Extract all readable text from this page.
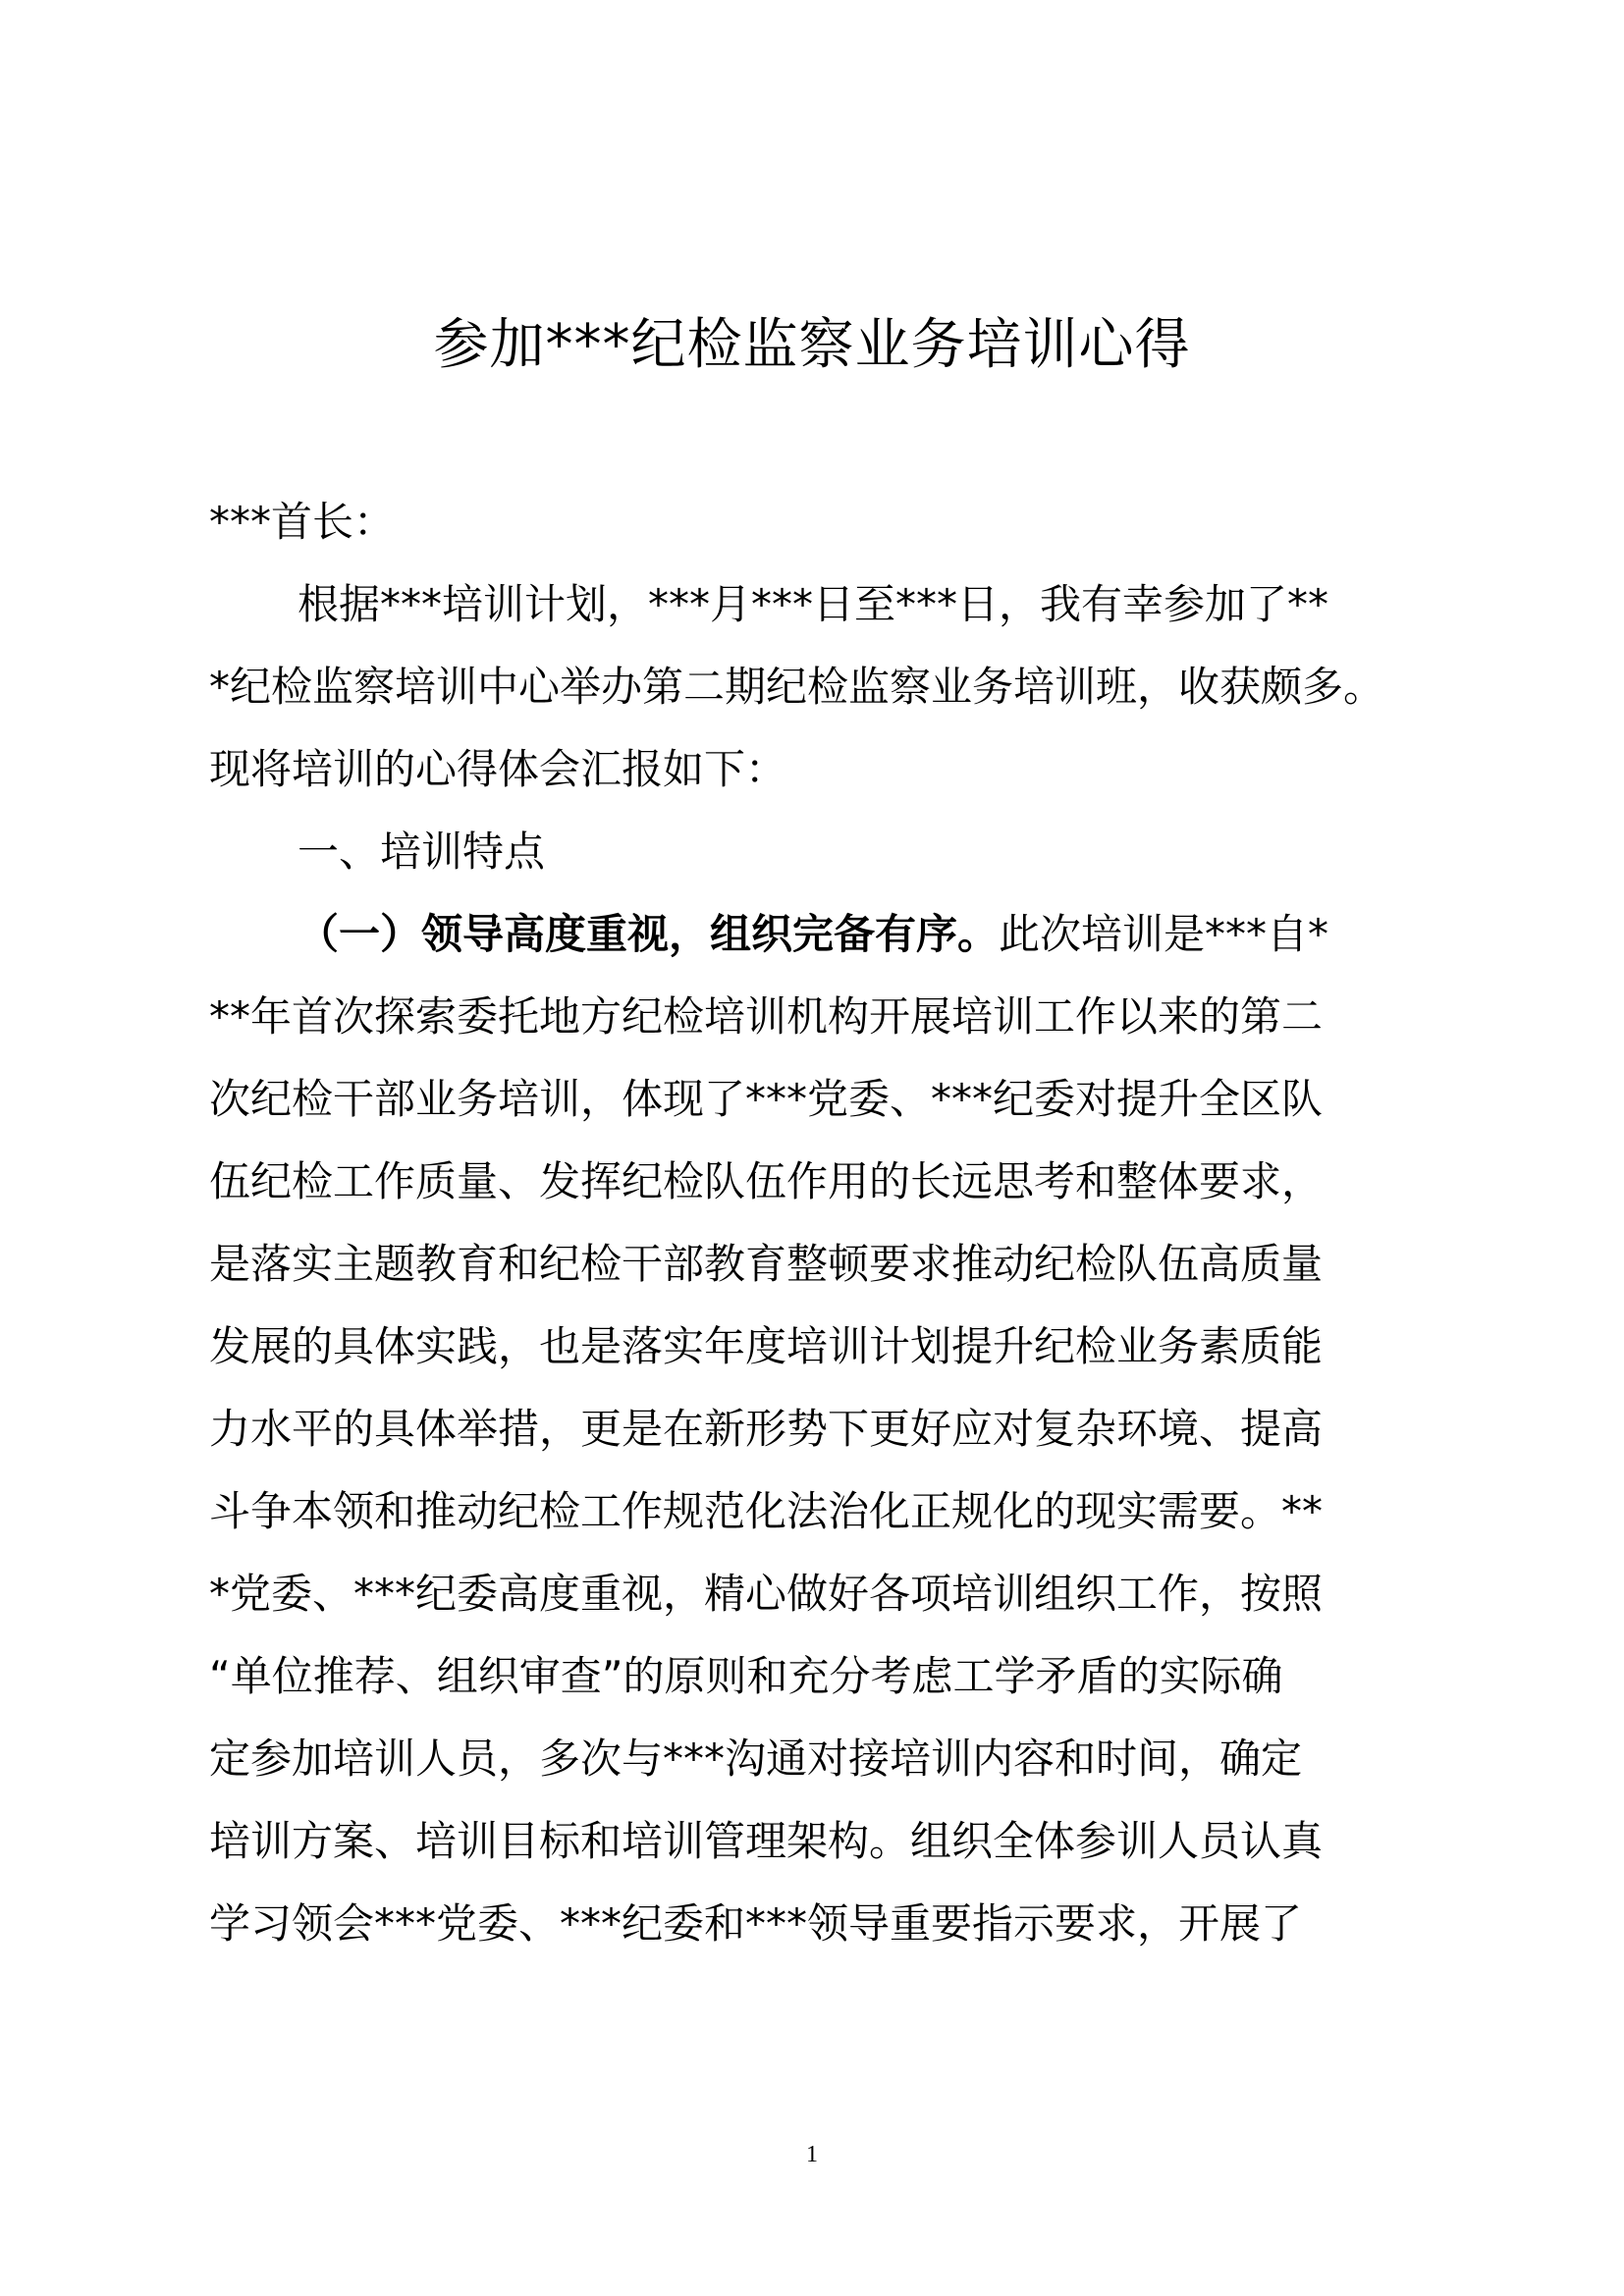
参加***纪检监察业务培训心得
***首长：
根据***培训计划，***月***日至***日，我有幸参加了**
*纪检监察培训中心举办第二期纪检监察业务培训班，收获颇多。
现将培训的心得体会汇报如下：
一、培训特点
（一）领导高度重视，组织完备有序。此次培训是***自*
**年首次探索委托地方纪检培训机构开展培训工作以来的第二
次纪检干部业务培训，体现了***党委、***纪委对提升全区队
伍纪检工作质量、发挥纪检队伍作用的长远思考和整体要求，
是落实主题教育和纪检干部教育整顿要求推动纪检队伍高质量
发展的具体实践，也是落实年度培训计划提升纪检业务素质能
力水平的具体举措，更是在新形势下更好应对复杂环境、提高
斗争本领和推动纪检工作规范化法治化正规化的现实需要。**
*党委、***纪委高度重视，精心做好各项培训组织工作，按照
“单位推荐、组织审查”的原则和充分考虑工学矛盾的实际确
定参加培训人员，多次与***沟通对接培训内容和时间，确定
培训方案、培训目标和培训管理架构。组织全体参训人员认真
学习领会***党委、***纪委和***领导重要指示要求，开展了
1
